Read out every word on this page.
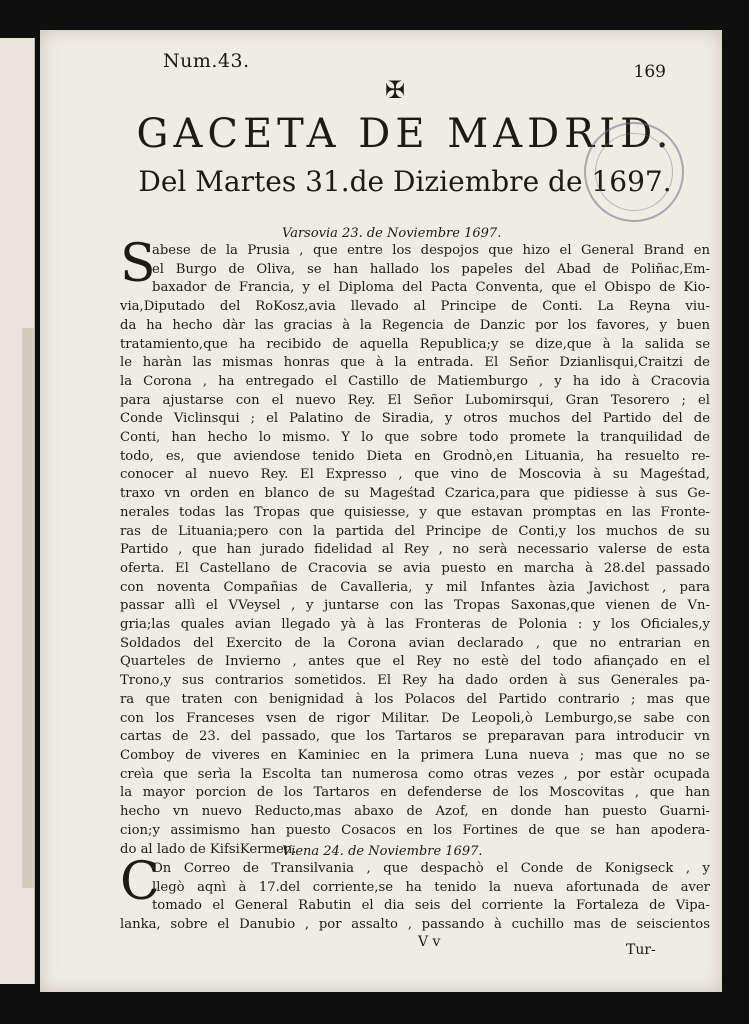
Num.43.	169
✠
GACETA DE MADRID.
Del Martes 31.de Diziembre de 1697.
Varsovia 23. de Noviembre 1697.
S
abese de la Prusia , que entre los despojos que hizo el General Brand en
el Burgo de Oliva, se han hallado los papeles del Abad de Poliñac,Em-
baxador de Francia, y el Diploma del Pacta Conventa, que el Obispo de Kio-
via,Diputado del RoKosz,avia llevado al Principe de Conti. La Reyna viu-
da ha hecho dàr las gracias à la Regencia de Danzic por los favores, y buen
tratamiento,que ha recibido de aquella Republica;y se dize,que à la salida se
le haràn las mismas honras que à la entrada. El Señor Dzianlisqui,Craitzi de
la Corona , ha entregado el Castillo de Matiemburgo , y ha ido à Cracovia
para ajustarse con el nuevo Rey. El Señor Lubomirsqui, Gran Tesorero ; el
Conde Viclinsqui ; el Palatino de Siradia, y otros muchos del Partido del de
Conti, han hecho lo mismo. Y lo que sobre todo promete la tranquilidad de
todo, es, que aviendose tenido Dieta en Grodnò,en Lituania, ha resuelto re-
conocer al nuevo Rey. El Expresso , que vino de Moscovia à su Mageśtad,
traxo vn orden en blanco de su Mageśtad Czarica,para que pidiesse à sus Ge-
nerales todas las Tropas que quisiesse, y que estavan promptas en las Fronte-
ras de Lituania;pero con la partida del Principe de Conti,y los muchos de su
Partido , que han jurado fidelidad al Rey , no serà necessario valerse de esta
oferta. El Castellano de Cracovia se avia puesto en marcha à 28.del passado
con noventa Compañias de Cavalleria, y mil Infantes àzia Javichost , para
passar allì el VVeysel , y juntarse con las Tropas Saxonas,que vienen de Vn-
gria;las quales avian llegado yà à las Fronteras de Polonia : y los Oficiales,y
Soldados del Exercito de la Corona avian declarado , que no entrarian en
Quarteles de Invierno , antes que el Rey no estè del todo afiançado en el
Trono,y sus contrarios sometidos. El Rey ha dado orden à sus Generales pa-
ra que traten con benignidad à los Polacos del Partido contrario ; mas que
con los Franceses vsen de rigor Militar. De Leopoli,ò Lemburgo,se sabe con
cartas de 23. del passado, que los Tartaros se preparavan para introducir vn
Comboy de viveres en Kaminiec en la primera Luna nueva ; mas que no se
creìa que serìa la Escolta tan numerosa como otras vezes , por estàr ocupada
la mayor porcion de los Tartaros en defenderse de los Moscovitas , que han
hecho vn nuevo Reducto,mas abaxo de Azof, en donde han puesto Guarni-
cion;y assimismo han puesto Cosacos en los Fortines de que se han apodera-
do al lado de KifsiKermen.
Viena 24. de Noviembre 1697.
C
On Correo de Transilvania , que despachò el Conde de Konigseck , y
llegò aqnì à 17.del corriente,se ha tenido la nueva afortunada de aver
tomado el General Rabutin el dia seis del corriente la Fortaleza de Vipa-
lanka, sobre el Danubio , por assalto , passando à cuchillo mas de seiscientos
V v	Tur-
